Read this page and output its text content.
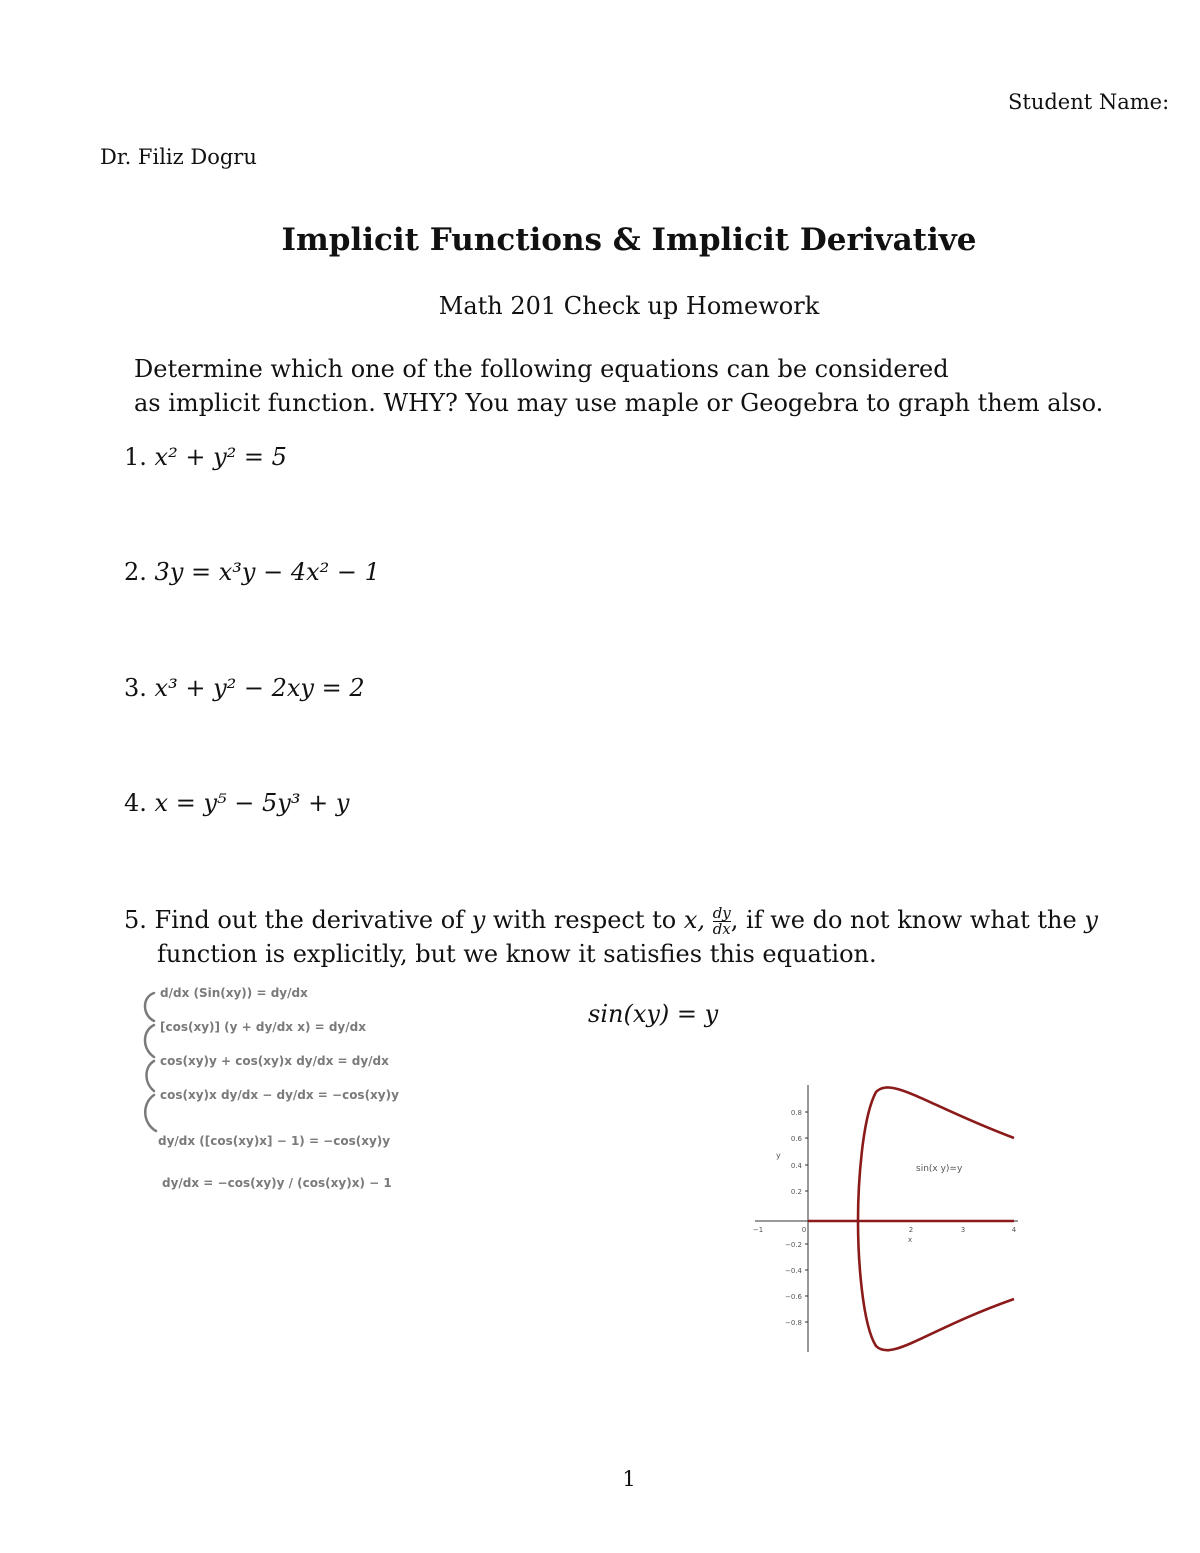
Student Name:
Dr. Filiz Dogru
Implicit Functions & Implicit Derivative
Math 201 Check up Homework
Determine which one of the following equations can be considered
as implicit function. WHY? You may use maple or Geogebra to graph them also.
1. x² + y² = 5
2. 3y = x³y − 4x² − 1
3. x³ + y² − 2xy = 2
4. x = y⁵ − 5y³ + y
5. Find out the derivative of y with respect to x, $\frac{dy}{dx}$ , if we do not know what the y
function is explicitly, but we know it satisfies this equation.
sin(xy) = y
d/dx (Sin(xy)) = dy/dx
[cos(xy)] (y + dy/dx x) = dy/dx
cos(xy)y + cos(xy)x dy/dx = dy/dx
cos(xy)x dy/dx − dy/dx = −cos(xy)y
dy/dx ([cos(xy)x] − 1) = −cos(xy)y
dy/dx = −cos(xy)y / (cos(xy)x) − 1
0.8
0.6
0.4
0.2
−0.2
−0.4
−0.6
−0.8
−1	0	2	3	4
y
x
sin(x y)=y
1
